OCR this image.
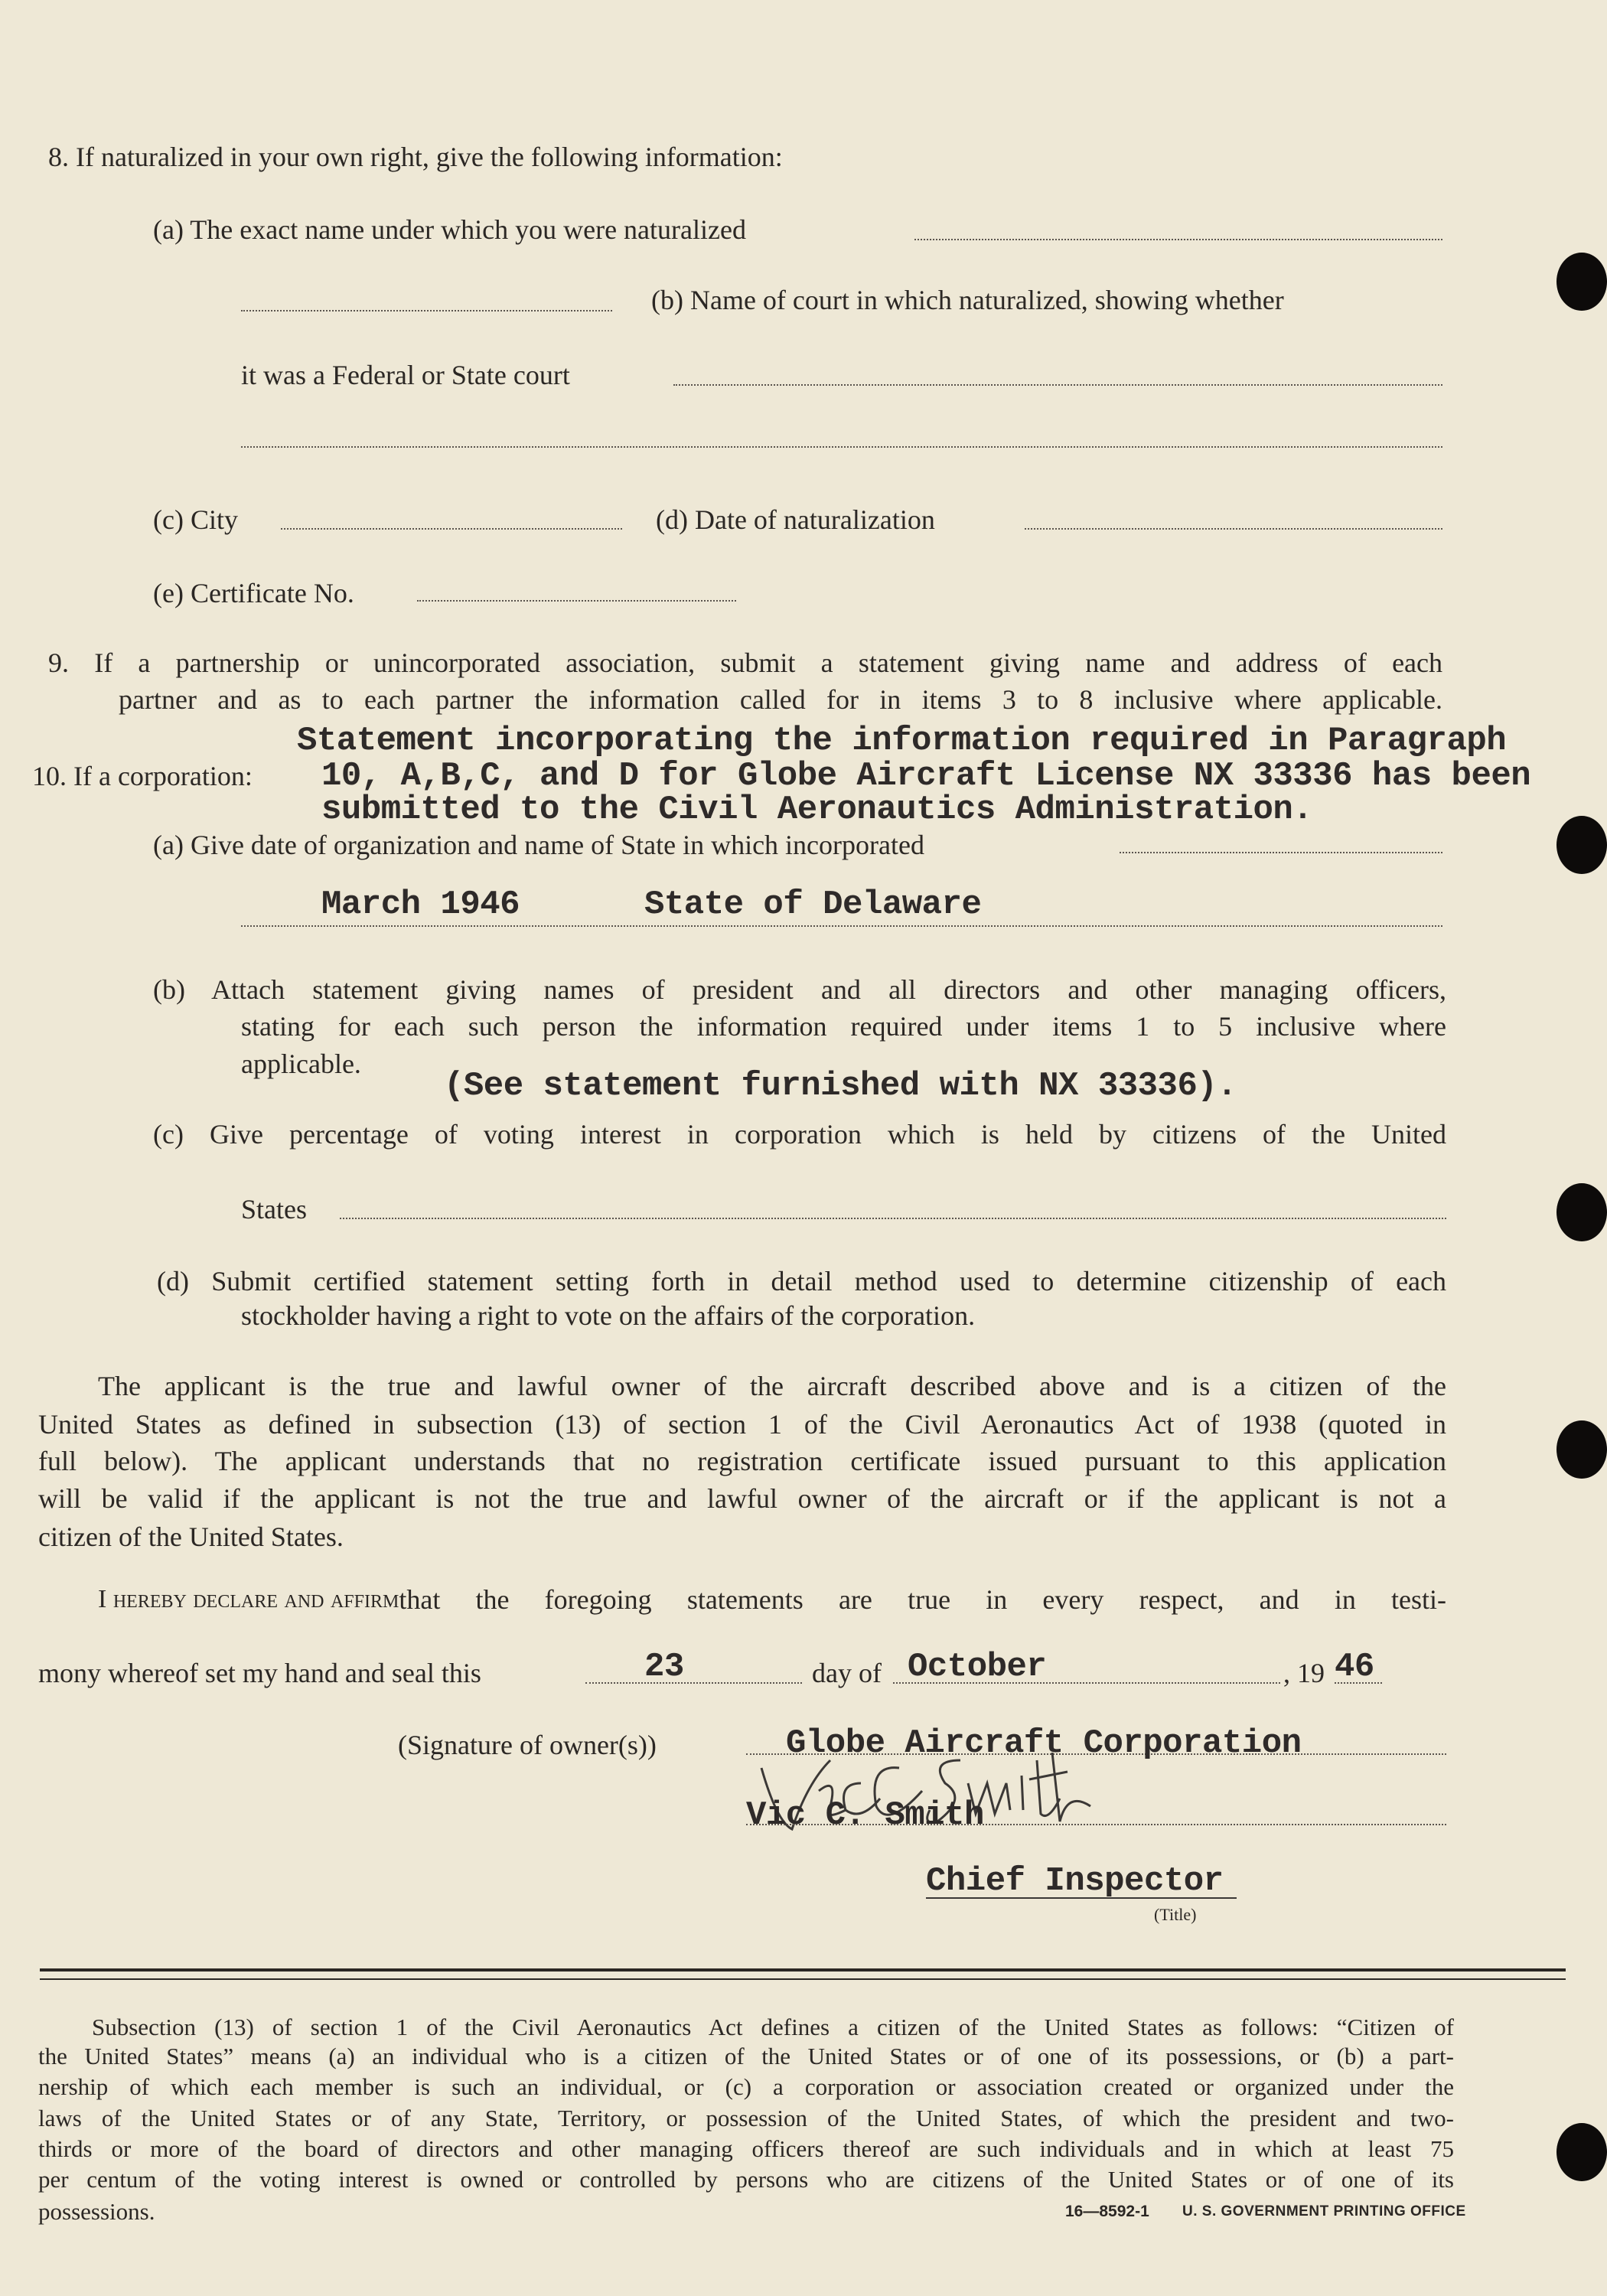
8. If naturalized in your own right, give the following information:
(a) The exact name under which you were naturalized
(b) Name of court in which naturalized, showing whether
it was a Federal or State court
(c) City	(d) Date of naturalization
(e) Certificate No.
9. If a partnership or unincorporated association, submit a statement giving name and address of each
partner and as to each partner the information called for in items 3 to 8 inclusive where applicable.
Statement incorporating the information required in Paragraph
10. If a corporation: 10, A,B,C, and D for Globe Aircraft License NX 33336 has been
submitted to the Civil Aeronautics Administration.
(a) Give date of organization and name of State in which incorporated
March 1946	State of Delaware
(b) Attach statement giving names of president and all directors and other managing officers,
stating for each such person the information required under items 1 to 5 inclusive where
applicable.
(See statement furnished with NX 33336).
(c) Give percentage of voting interest in corporation which is held by citizens of the United
States
(d) Submit certified statement setting forth in detail method used to determine citizenship of each
stockholder having a right to vote on the affairs of the corporation.
The applicant is the true and lawful owner of the aircraft described above and is a citizen of the
United States as defined in subsection (13) of section 1 of the Civil Aeronautics Act of 1938 (quoted in
full below). The applicant understands that no registration certificate issued pursuant to this application
will be valid if the applicant is not the true and lawful owner of the aircraft or if the applicant is not a
citizen of the United States.
I hereby declare and affirm that the foregoing statements are true in every respect, and in testi-
mony whereof set my hand and seal this	23	day of October	, 19 46
(Signature of owner(s))	Globe Aircraft Corporation
Vic C. Smith
Chief Inspector
(Title)
Subsection (13) of section 1 of the Civil Aeronautics Act defines a citizen of the United States as follows: “Citizen of
the United States” means (a) an individual who is a citizen of the United States or of one of its possessions, or (b) a part-
nership of which each member is such an individual, or (c) a corporation or association created or organized under the
laws of the United States or of any State, Territory, or possession of the United States, of which the president and two-
thirds or more of the board of directors and other managing officers thereof are such individuals and in which at least 75
per centum of the voting interest is owned or controlled by persons who are citizens of the United States or of one of its
possessions.	16—8592-1 U. S. GOVERNMENT PRINTING OFFICE
